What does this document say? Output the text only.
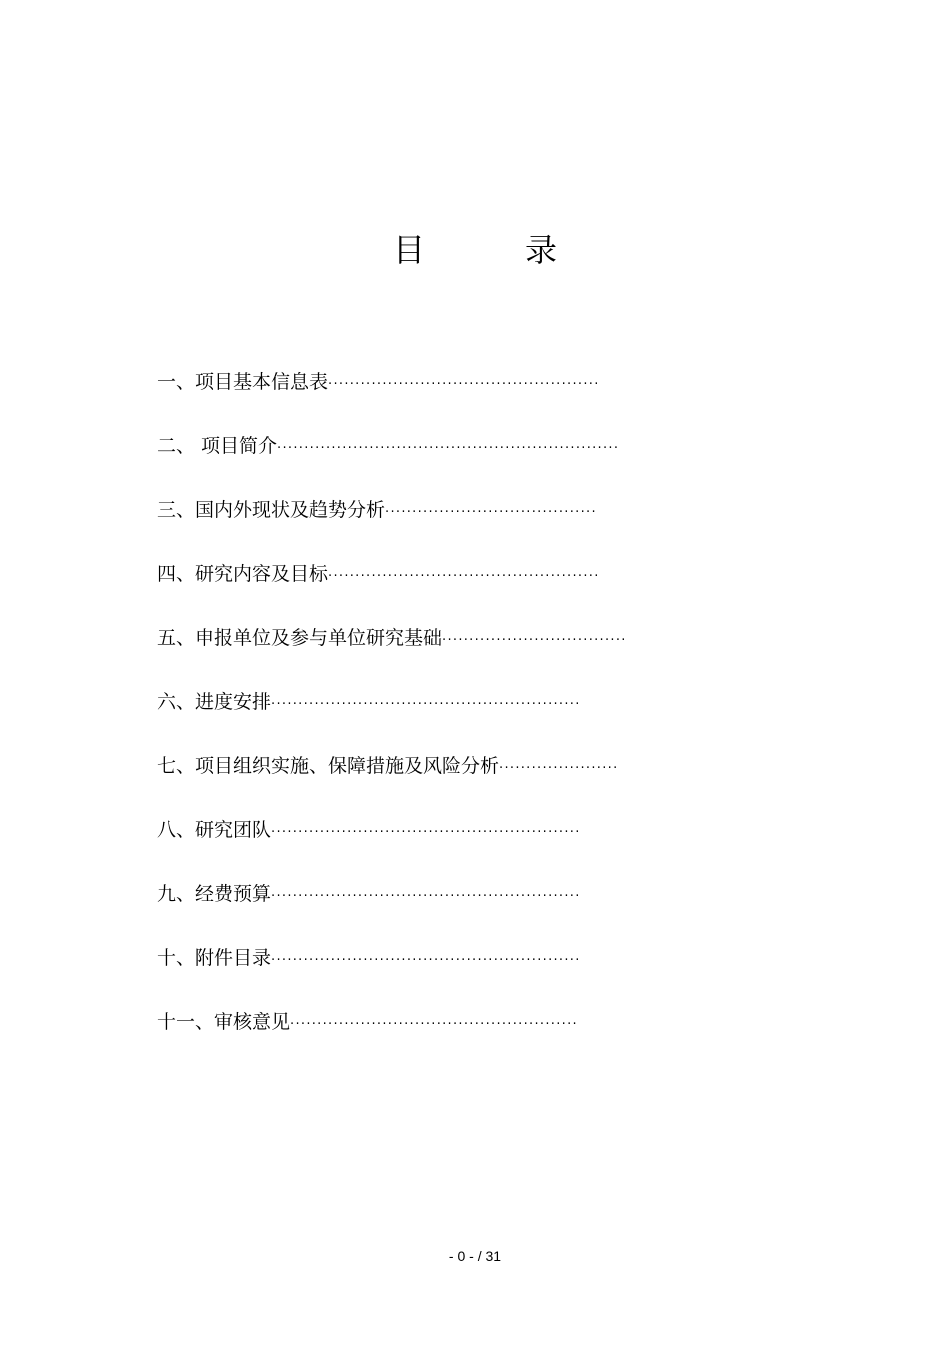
目　录
一、项目基本信息表··················································
二、 项目简介·······························································
三、国内外现状及趋势分析·······································
四、研究内容及目标··················································
五、申报单位及参与单位研究基础··································
六、进度安排·························································
七、项目组织实施、保障措施及风险分析······················
八、研究团队·························································
九、经费预算·························································
十、附件目录·························································
十一、审核意见·····················································
- 0 - / 31
